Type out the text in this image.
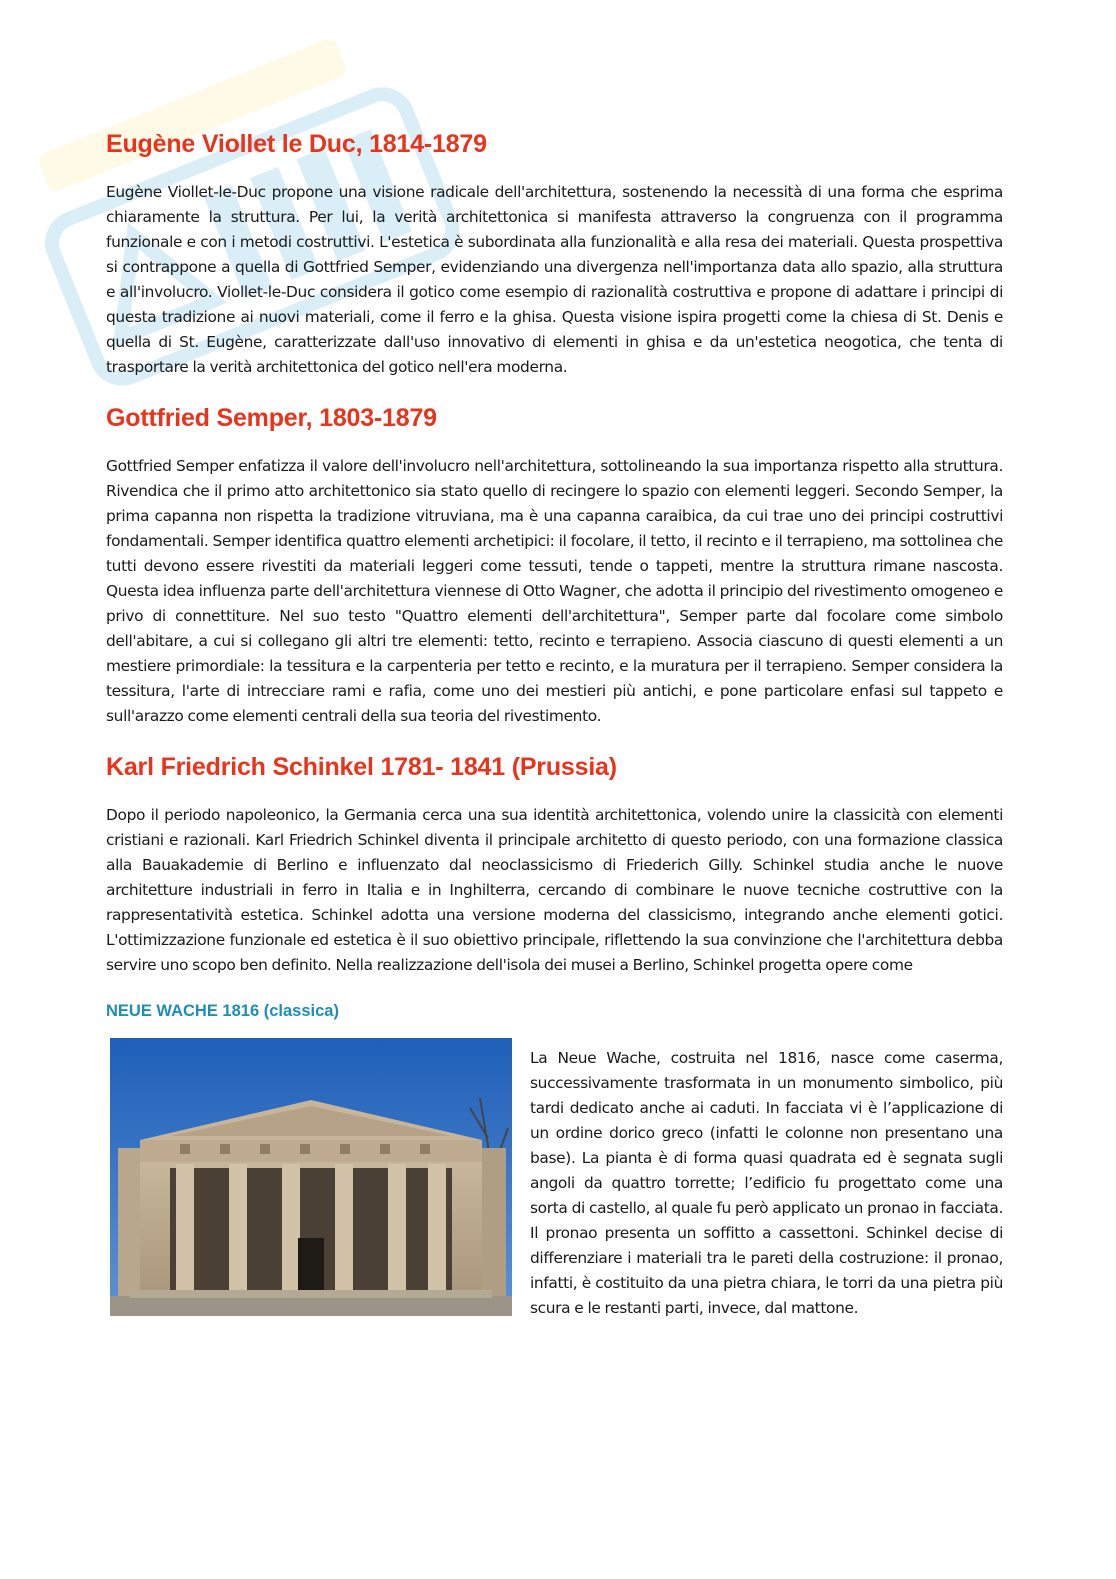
Eugène Viollet le Duc, 1814-1879

Eugène Viollet-le-Duc propone una visione radicale dell'architettura, sostenendo la necessità di una forma che esprima chiaramente la struttura. Per lui, la verità architettonica si manifesta attraverso la congruenza con il programma funzionale e con i metodi costruttivi. L'estetica è subordinata alla funzionalità e alla resa dei materiali. Questa prospettiva si contrappone a quella di Gottfried Semper, evidenziando una divergenza nell'importanza data allo spazio, alla struttura e all'involucro. Viollet-le-Duc considera il gotico come esempio di razionalità costruttiva e propone di adattare i principi di questa tradizione ai nuovi materiali, come il ferro e la ghisa. Questa visione ispira progetti come la chiesa di St. Denis e quella di St. Eugène, caratterizzate dall'uso innovativo di elementi in ghisa e da un'estetica neogotica, che tenta di trasportare la verità architettonica del gotico nell'era moderna.

Gottfried Semper, 1803-1879

Gottfried Semper enfatizza il valore dell'involucro nell'architettura, sottolineando la sua importanza rispetto alla struttura. Rivendica che il primo atto architettonico sia stato quello di recingere lo spazio con elementi leggeri. Secondo Semper, la prima capanna non rispetta la tradizione vitruviana, ma è una capanna caraibica, da cui trae uno dei principi costruttivi fondamentali. Semper identifica quattro elementi archetipici: il focolare, il tetto, il recinto e il terrapieno, ma sottolinea che tutti devono essere rivestiti da materiali leggeri come tessuti, tende o tappeti, mentre la struttura rimane nascosta. Questa idea influenza parte dell'architettura viennese di Otto Wagner, che adotta il principio del rivestimento omogeneo e privo di connettiture. Nel suo testo "Quattro elementi dell'architettura", Semper parte dal focolare come simbolo dell'abitare, a cui si collegano gli altri tre elementi: tetto, recinto e terrapieno. Associa ciascuno di questi elementi a un mestiere primordiale: la tessitura e la carpenteria per tetto e recinto, e la muratura per il terrapieno. Semper considera la tessitura, l'arte di intrecciare rami e rafia, come uno dei mestieri più antichi, e pone particolare enfasi sul tappeto e sull'arazzo come elementi centrali della sua teoria del rivestimento.

Karl Friedrich Schinkel 1781- 1841 (Prussia)

Dopo il periodo napoleonico, la Germania cerca una sua identità architettonica, volendo unire la classicità con elementi cristiani e razionali. Karl Friedrich Schinkel diventa il principale architetto di questo periodo, con una formazione classica alla Bauakademie di Berlino e influenzato dal neoclassicismo di Friederich Gilly. Schinkel studia anche le nuove architetture industriali in ferro in Italia e in Inghilterra, cercando di combinare le nuove tecniche costruttive con la rappresentatività estetica. Schinkel adotta una versione moderna del classicismo, integrando anche elementi gotici. L'ottimizzazione funzionale ed estetica è il suo obiettivo principale, riflettendo la sua convinzione che l'architettura debba servire uno scopo ben definito. Nella realizzazione dell'isola dei musei a Berlino, Schinkel progetta opere come

NEUE WACHE 1816 (classica)

La Neue Wache, costruita nel 1816, nasce come caserma, successivamente trasformata in un monumento simbolico, più tardi dedicato anche ai caduti. In facciata vi è l’applicazione di un ordine dorico greco (infatti le colonne non presentano una base). La pianta è di forma quasi quadrata ed è segnata sugli angoli da quattro torrette; l’edificio fu progettato come una sorta di castello, al quale fu però applicato un pronao in facciata. Il pronao presenta un soffitto a cassettoni. Schinkel decise di differenziare i materiali tra le pareti della costruzione: il pronao, infatti, è costituito da una pietra chiara, le torri da una pietra più scura e le restanti parti, invece, dal mattone.
